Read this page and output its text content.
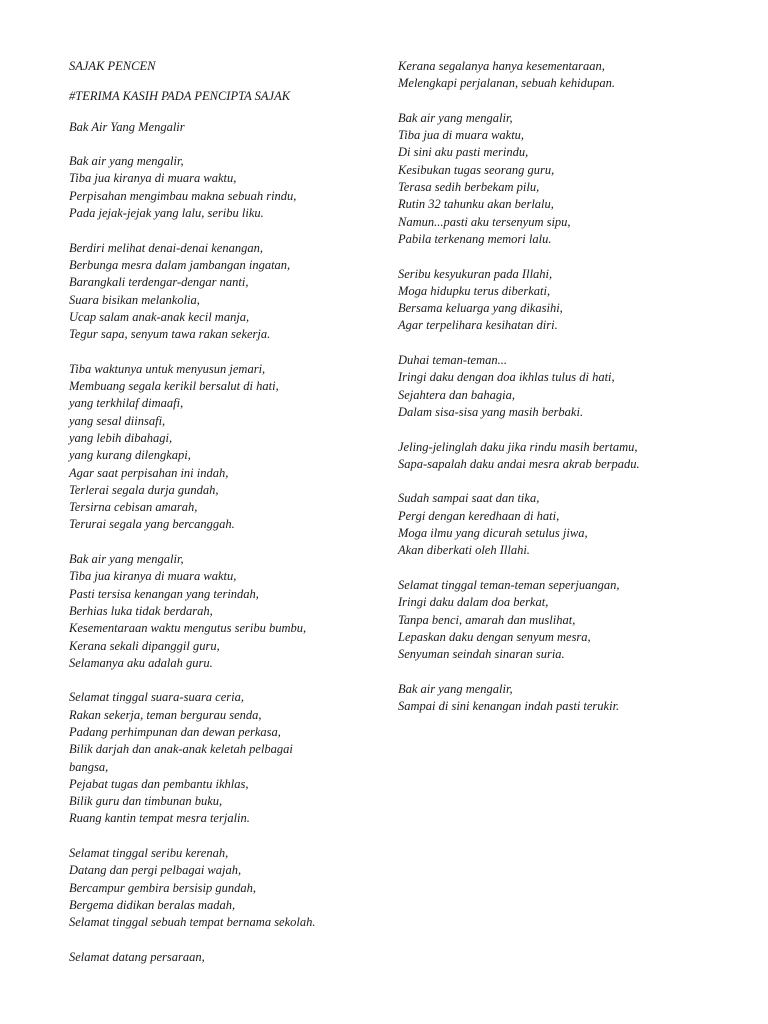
SAJAK PENCEN
#TERIMA KASIH PADA PENCIPTA SAJAK
Bak Air Yang Mengalir
Bak air yang mengalir,
Tiba jua kiranya di muara waktu,
Perpisahan mengimbau makna sebuah rindu,
Pada jejak-jejak yang lalu, seribu liku.
Berdiri melihat denai-denai kenangan,
Berbunga mesra dalam jambangan ingatan,
Barangkali terdengar-dengar nanti,
Suara bisikan melankolia,
Ucap salam anak-anak kecil manja,
Tegur sapa, senyum tawa rakan sekerja.
Tiba waktunya untuk menyusun jemari,
Membuang segala kerikil bersalut di hati,
yang terkhilaf dimaafi,
yang sesal diinsafi,
yang lebih dibahagi,
yang kurang dilengkapi,
Agar saat perpisahan ini indah,
Terlerai segala durja gundah,
Tersirna cebisan amarah,
Terurai segala yang bercanggah.
Bak air yang mengalir,
Tiba jua kiranya di muara waktu,
Pasti tersisa kenangan yang terindah,
Berhias luka tidak berdarah,
Kesementaraan waktu mengutus seribu bumbu,
Kerana sekali dipanggil guru,
Selamanya aku adalah guru.
Selamat tinggal suara-suara ceria,
Rakan sekerja, teman bergurau senda,
Padang perhimpunan dan dewan perkasa,
Bilik darjah dan anak-anak keletah pelbagai
bangsa,
Pejabat tugas dan pembantu ikhlas,
Bilik guru dan timbunan buku,
Ruang kantin tempat mesra terjalin.
Selamat tinggal seribu kerenah,
Datang dan pergi pelbagai wajah,
Bercampur gembira bersisip gundah,
Bergema didikan beralas madah,
Selamat tinggal sebuah tempat bernama sekolah.
Selamat datang persaraan,
Kerana segalanya hanya kesementaraan,
Melengkapi perjalanan, sebuah kehidupan.
Bak air yang mengalir,
Tiba jua di muara waktu,
Di sini aku pasti merindu,
Kesibukan tugas seorang guru,
Terasa sedih berbekam pilu,
Rutin 32 tahunku akan berlalu,
Namun...pasti aku tersenyum sipu,
Pabila terkenang memori lalu.
Seribu kesyukuran pada Illahi,
Moga hidupku terus diberkati,
Bersama keluarga yang dikasihi,
Agar terpelihara kesihatan diri.
Duhai teman-teman...
Iringi daku dengan doa ikhlas tulus di hati,
Sejahtera dan bahagia,
Dalam sisa-sisa yang masih berbaki.
Jeling-jelinglah daku jika rindu masih bertamu,
Sapa-sapalah daku andai mesra akrab berpadu.
Sudah sampai saat dan tika,
Pergi dengan keredhaan di hati,
Moga ilmu yang dicurah setulus jiwa,
Akan diberkati oleh Illahi.
Selamat tinggal teman-teman seperjuangan,
Iringi daku dalam doa berkat,
Tanpa benci, amarah dan muslihat,
Lepaskan daku dengan senyum mesra,
Senyuman seindah sinaran suria.
Bak air yang mengalir,
Sampai di sini kenangan indah pasti terukir.
